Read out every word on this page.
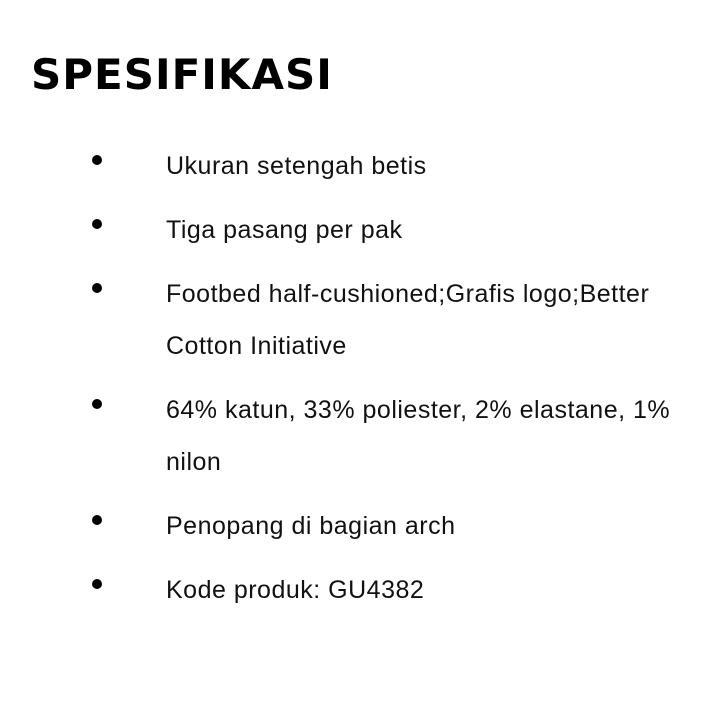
SPESIFIKASI
Ukuran setengah betis
Tiga pasang per pak
Footbed half-cushioned;Grafis logo;Better Cotton Initiative
64% katun, 33% poliester, 2% elastane, 1% nilon
Penopang di bagian arch
Kode produk: GU4382
